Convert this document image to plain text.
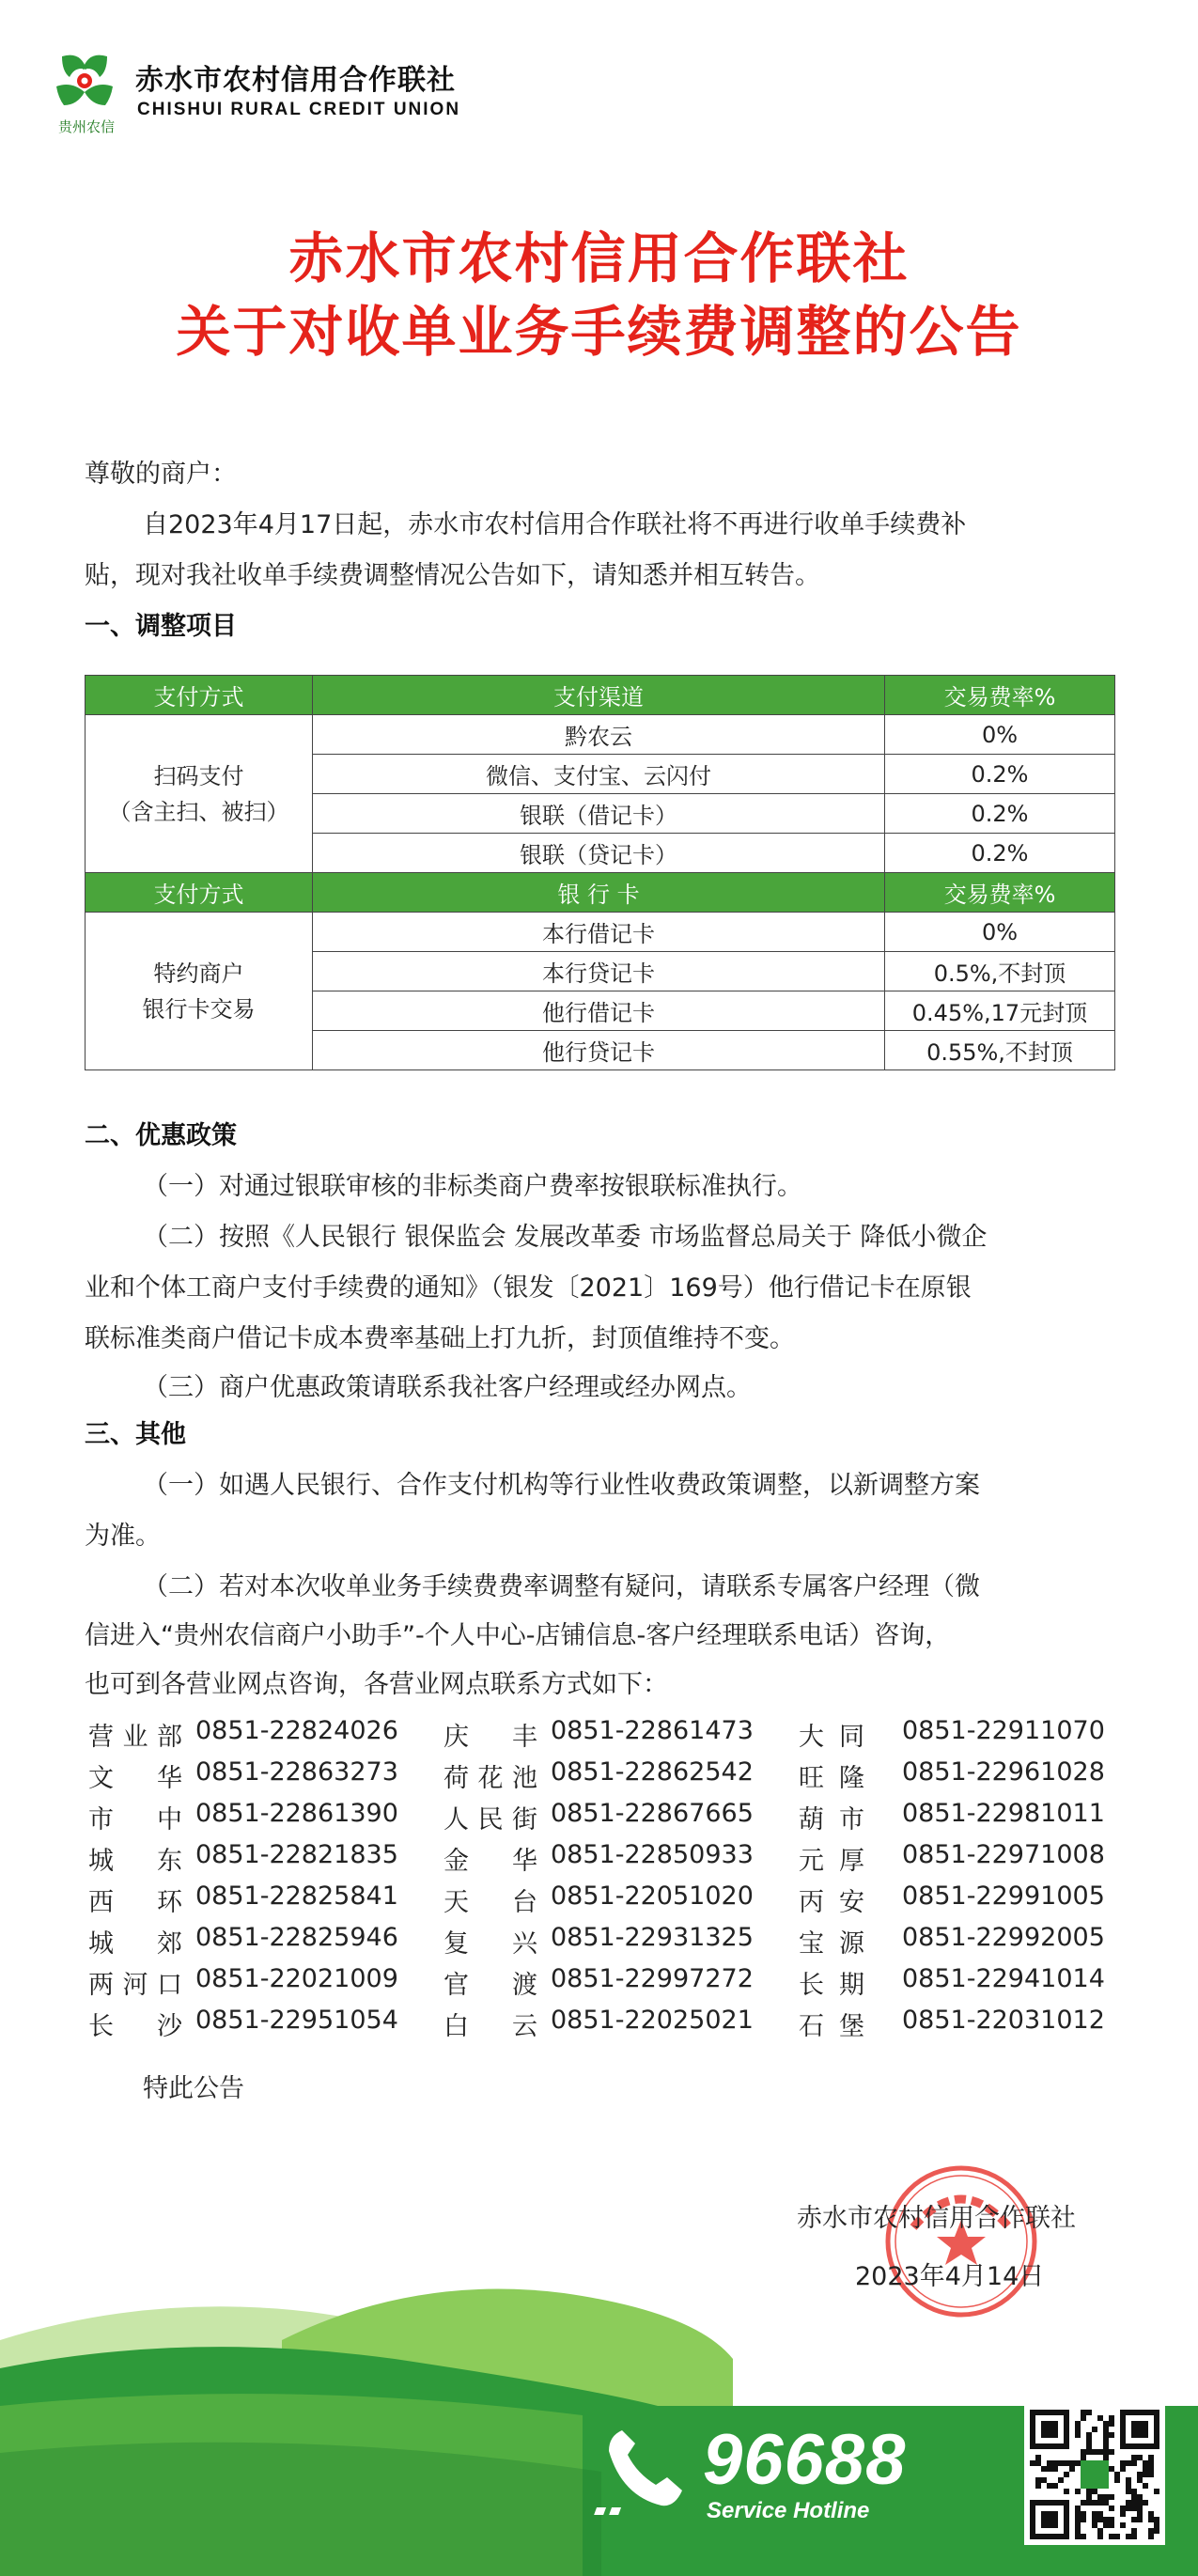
贵州农信
赤水市农村信用合作联社
CHISHUI RURAL CREDIT UNION
赤水市农村信用合作联社
关于对收单业务手续费调整的公告
尊敬的商户：
自2023年4月17日起，赤水市农村信用合作联社将不再进行收单手续费补
贴，现对我社收单手续费调整情况公告如下，请知悉并相互转告。
一、调整项目
支付方式	支付渠道	交易费率%

扫码支付
（含主扫、被扫）	黔农云	0%
	微信、支付宝、云闪付	0.2%
	银联（借记卡）	0.2%
	银联（贷记卡）	0.2%
支付方式	银 行 卡	交易费率%

特约商户
银行卡交易	本行借记卡	0%
	本行贷记卡	0.5%,不封顶
	他行借记卡	0.45%,17元封顶
	他行贷记卡	0.55%,不封顶
二、优惠政策
（一）对通过银联审核的非标类商户费率按银联标准执行。
（二）按照《人民银行 银保监会 发展改革委 市场监督总局关于 降低小微企
业和个体工商户支付手续费的通知》（银发〔2021〕169号）他行借记卡在原银
联标准类商户借记卡成本费率基础上打九折，封顶值维持不变。
（三）商户优惠政策请联系我社客户经理或经办网点。
三、其他
（一）如遇人民银行、合作支付机构等行业性收费政策调整，以新调整方案
为准。
（二）若对本次收单业务手续费费率调整有疑问，请联系专属客户经理（微
信进入“贵州农信商户小助手”-个人中心-店铺信息-客户经理联系电话）咨询，
也可到各营业网点咨询，各营业网点联系方式如下：
营业部 0851-22824026 庆丰 0851-22861473 大同 0851-22911070
文华 0851-22863273 荷花池 0851-22862542 旺隆 0851-22961028
市中 0851-22861390 人民街 0851-22867665 葫市 0851-22981011
城东 0851-22821835 金华 0851-22850933 元厚 0851-22971008
西环 0851-22825841 天台 0851-22051020 丙安 0851-22991005
城郊 0851-22825946 复兴 0851-22931325 宝源 0851-22992005
两河口 0851-22021009 官渡 0851-22997272 长期 0851-22941014
长沙 0851-22951054 白云 0851-22025021 石堡 0851-22031012
特此公告
赤水市农村信用合作联社
2023年4月14日
96688
Service Hotline
